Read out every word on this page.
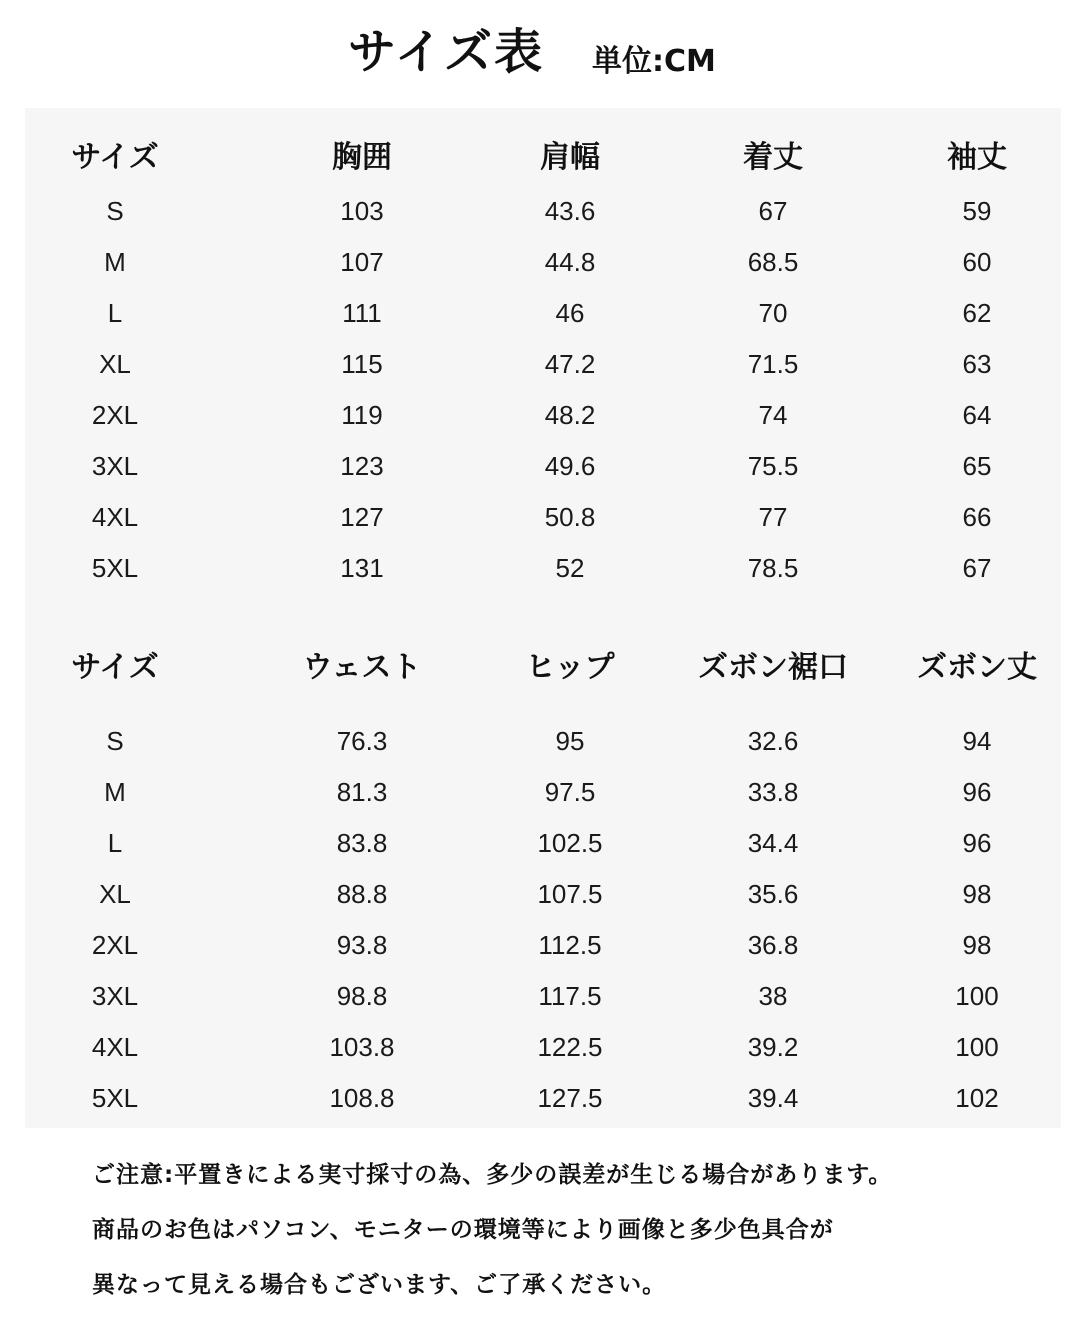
サイズ表 単位:CM
サイズ	胸囲	肩幅	着丈	袖丈
S	103	43.6	67	59
M	107	44.8	68.5	60
L	111	46	70	62
XL	115	47.2	71.5	63
2XL	119	48.2	74	64
3XL	123	49.6	75.5	65
4XL	127	50.8	77	66
5XL	131	52	78.5	67
サイズ	ウェスト	ヒップ	ズボン裾口	ズボン丈
S	76.3	95	32.6	94
M	81.3	97.5	33.8	96
L	83.8	102.5	34.4	96
XL	88.8	107.5	35.6	98
2XL	93.8	112.5	36.8	98
3XL	98.8	117.5	38	100
4XL	103.8	122.5	39.2	100
5XL	108.8	127.5	39.4	102
ご注意:平置きによる実寸採寸の為、多少の誤差が生じる場合があります。
商品のお色はパソコン、モニターの環境等により画像と多少色具合が
異なって見える場合もございます、ご了承ください。
